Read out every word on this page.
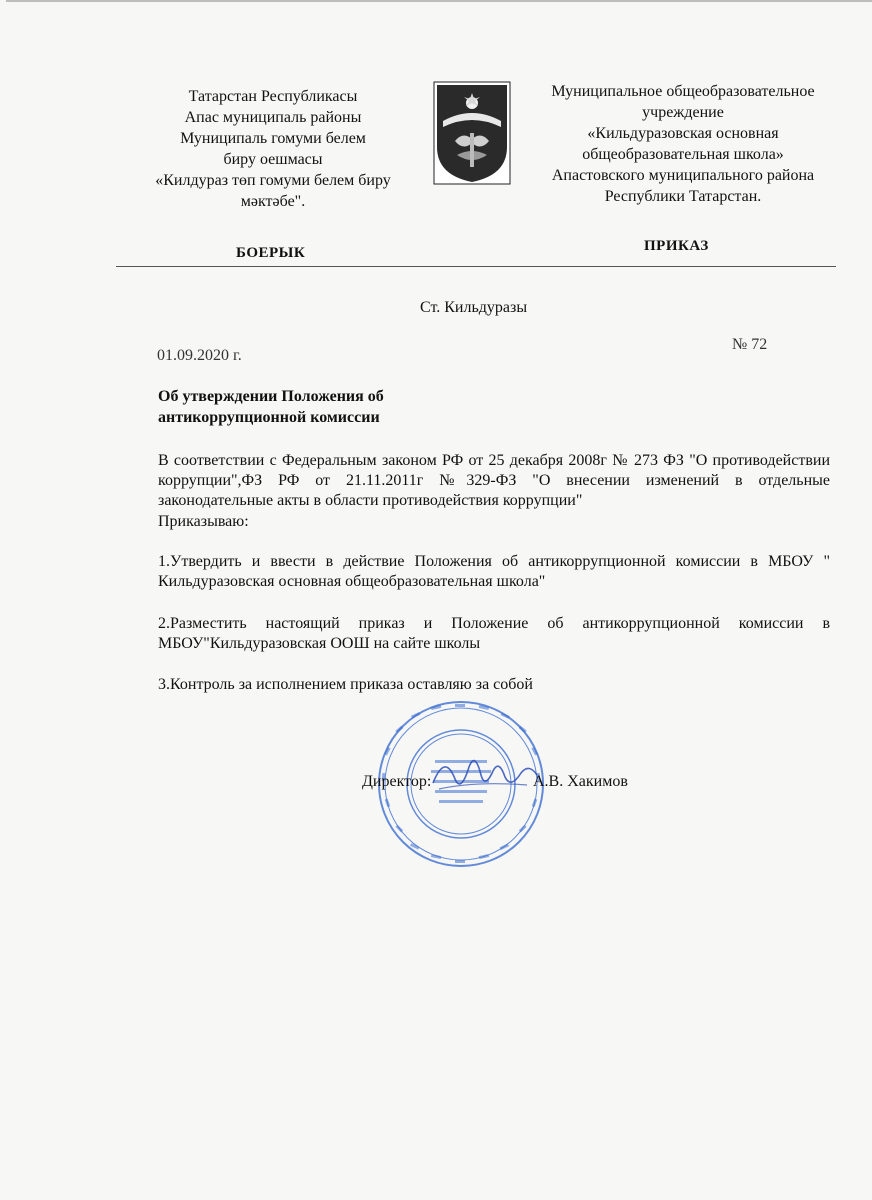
Татарстан Республикасы
Апас муниципаль районы
Муниципаль гомуми белем
биру оешмасы
«Килдураз төп гомуми белем биру
мәктәбе".
Муниципальное общеобразовательное
учреждение
«Кильдуразовская основная
общеобразовательная школа»
Апастовского муниципального района
Республики Татарстан.
БОЕРЫК	ПРИКАЗ
Ст. Кильдуразы
01.09.2020 г.
№ 72
Об утверждении Положения об
антикоррупционной комиссии
В соответствии с Федеральным законом РФ от 25 декабря 2008г № 273 ФЗ "О противодействии коррупции",ФЗ РФ от 21.11.2011г №329-ФЗ "О внесении изменений в отдельные законодательные акты в области противодействия коррупции"
Приказываю:
1.Утвердить и ввести в действие Положения об антикоррупционной комиссии в МБОУ " Кильдуразовская основная общеобразовательная школа"
2.Разместить настоящий приказ и Положение об антикоррупционной комиссии в МБОУ"Кильдуразовская ООШ на сайте школы
3.Контроль за исполнением приказа оставляю за собой
Директор:	А.В. Хакимов
